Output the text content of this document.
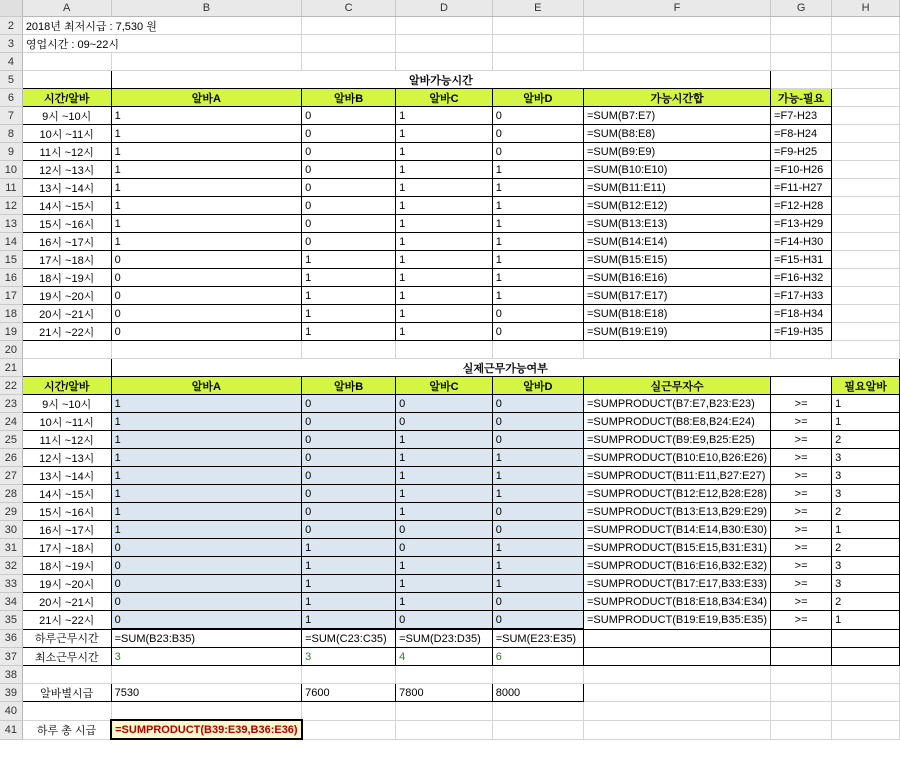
	A	B	C	D	E	F	G	H
2	2018년 최저시급 : 7,530 원							
3	영업시간 : 09~22시							
4								
5		알바가능시간						
6	시간/알바	알바A	알바B	알바C	알바D	가능시간합	가능-필요	
7	9시 ~10시	1	0	1	0	=SUM(B7:E7)	=F7-H23	
8	10시 ~11시	1	0	1	0	=SUM(B8:E8)	=F8-H24	
9	11시 ~12시	1	0	1	0	=SUM(B9:E9)	=F9-H25	
10	12시 ~13시	1	0	1	1	=SUM(B10:E10)	=F10-H26	
11	13시 ~14시	1	0	1	1	=SUM(B11:E11)	=F11-H27	
12	14시 ~15시	1	0	1	1	=SUM(B12:E12)	=F12-H28	
13	15시 ~16시	1	0	1	1	=SUM(B13:E13)	=F13-H29	
14	16시 ~17시	1	0	1	1	=SUM(B14:E14)	=F14-H30	
15	17시 ~18시	0	1	1	1	=SUM(B15:E15)	=F15-H31	
16	18시 ~19시	0	1	1	1	=SUM(B16:E16)	=F16-H32	
17	19시 ~20시	0	1	1	1	=SUM(B17:E17)	=F17-H33	
18	20시 ~21시	0	1	1	0	=SUM(B18:E18)	=F18-H34	
19	21시 ~22시	0	1	1	0	=SUM(B19:E19)	=F19-H35	
20								
21		실제근무가능여부						
22	시간/알바	알바A	알바B	알바C	알바D	실근무자수		필요알바
23	9시 ~10시	1	0	0	0	=SUMPRODUCT(B7:E7,B23:E23)	>=	1
24	10시 ~11시	1	0	0	0	=SUMPRODUCT(B8:E8,B24:E24)	>=	1
25	11시 ~12시	1	0	1	0	=SUMPRODUCT(B9:E9,B25:E25)	>=	2
26	12시 ~13시	1	0	1	1	=SUMPRODUCT(B10:E10,B26:E26)	>=	3
27	13시 ~14시	1	0	1	1	=SUMPRODUCT(B11:E11,B27:E27)	>=	3
28	14시 ~15시	1	0	1	1	=SUMPRODUCT(B12:E12,B28:E28)	>=	3
29	15시 ~16시	1	0	1	0	=SUMPRODUCT(B13:E13,B29:E29)	>=	2
30	16시 ~17시	1	0	0	0	=SUMPRODUCT(B14:E14,B30:E30)	>=	1
31	17시 ~18시	0	1	0	1	=SUMPRODUCT(B15:E15,B31:E31)	>=	2
32	18시 ~19시	0	1	1	1	=SUMPRODUCT(B16:E16,B32:E32)	>=	3
33	19시 ~20시	0	1	1	1	=SUMPRODUCT(B17:E17,B33:E33)	>=	3
34	20시 ~21시	0	1	1	0	=SUMPRODUCT(B18:E18,B34:E34)	>=	2
35	21시 ~22시	0	1	0	0	=SUMPRODUCT(B19:E19,B35:E35)	>=	1
36	하루근무시간	=SUM(B23:B35)	=SUM(C23:C35)	=SUM(D23:D35)	=SUM(E23:E35)			
37	최소근무시간	3	3	4	6			
38								
39	알바별시급	7530	7600	7800	8000			
40								
41	하루 총 시급	=SUMPRODUCT(B39:E39,B36:E36)						
